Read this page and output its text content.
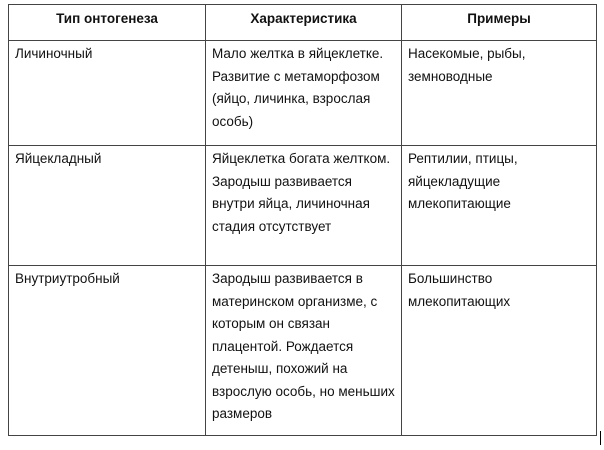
Тип онтогенеза	Характеристика	Примеры
Личиночный	Мало желтка в яйцеклетке. Развитие с метаморфозом (яйцо, личинка, взрослая особь)	Насекомые, рыбы, земноводные
Яйцекладный	Яйцеклетка богата желтком. Зародыш развивается внутри яйца, личиночная стадия отсутствует	Рептилии, птицы, яйцекладущие млекопитающие
Внутриутробный	Зародыш развивается в материнском организме, с которым он связан плацентой. Рождается детеныш, похожий на взрослую особь, но меньших размеров	Большинство млекопитающих
